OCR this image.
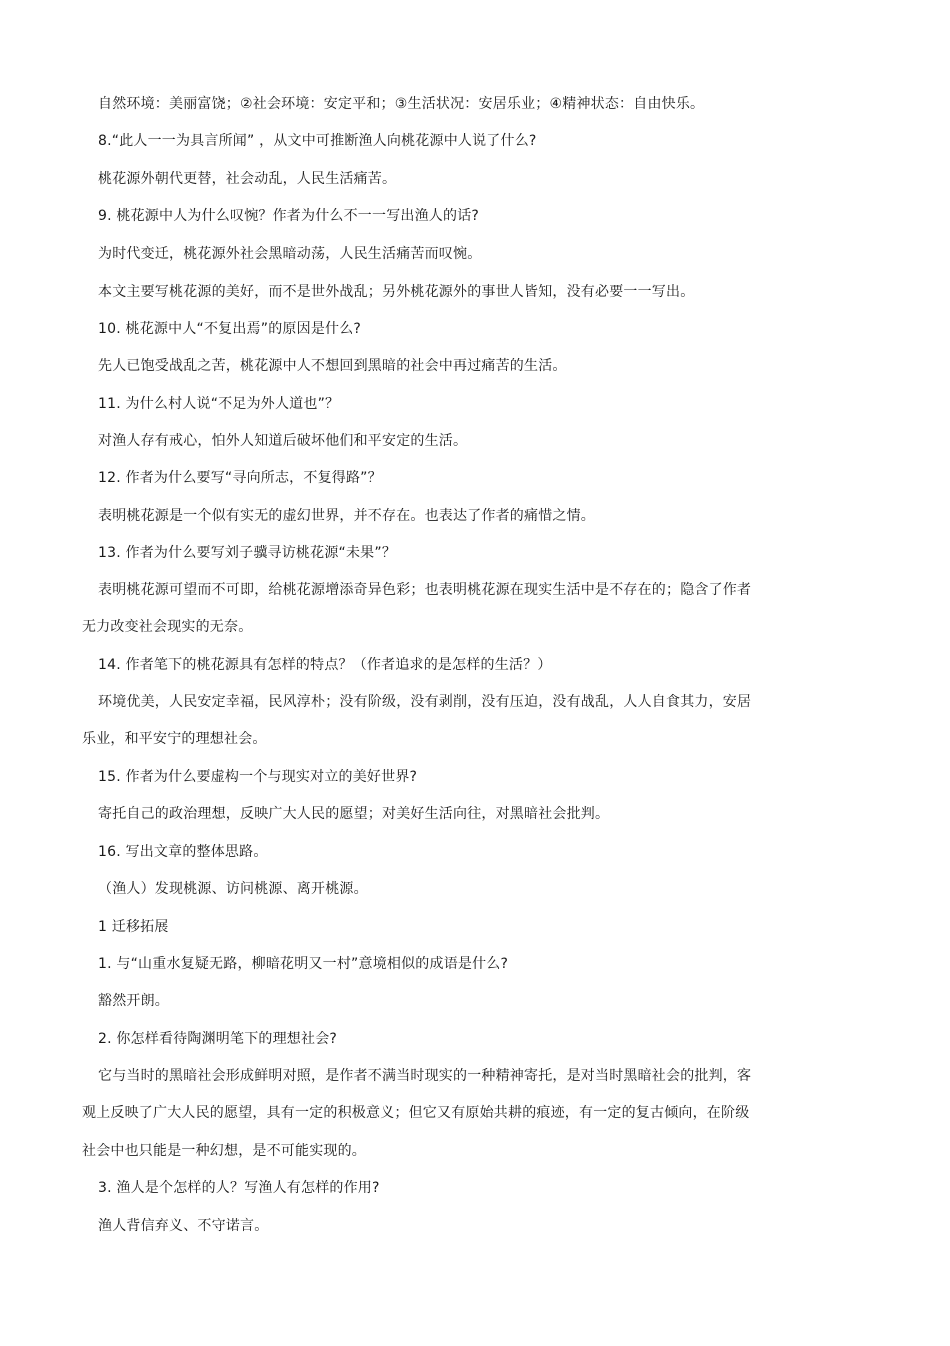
自然环境：美丽富饶；②社会环境：安定平和；③生活状况：安居乐业；④精神状态：自由快乐。

8.“此人一一为具言所闻” ，从文中可推断渔人向桃花源中人说了什么?

桃花源外朝代更替，社会动乱，人民生活痛苦。

9. 桃花源中人为什么叹惋？作者为什么不一一写出渔人的话?

为时代变迁，桃花源外社会黑暗动荡，人民生活痛苦而叹惋。

本文主要写桃花源的美好，而不是世外战乱；另外桃花源外的事世人皆知，没有必要一一写出。

10. 桃花源中人“不复出焉”的原因是什么?

先人已饱受战乱之苦，桃花源中人不想回到黑暗的社会中再过痛苦的生活。

11. 为什么村人说“不足为外人道也”？

对渔人存有戒心，怕外人知道后破坏他们和平安定的生活。

12. 作者为什么要写“寻向所志，不复得路”？

表明桃花源是一个似有实无的虚幻世界，并不存在。也表达了作者的痛惜之情。

13. 作者为什么要写刘子骥寻访桃花源“未果”？

表明桃花源可望而不可即，给桃花源增添奇异色彩；也表明桃花源在现实生活中是不存在的；隐含了作者

无力改变社会现实的无奈。

14. 作者笔下的桃花源具有怎样的特点？（作者追求的是怎样的生活？）

环境优美，人民安定幸福，民风淳朴；没有阶级，没有剥削，没有压迫，没有战乱，人人自食其力，安居

乐业，和平安宁的理想社会。

15. 作者为什么要虚构一个与现实对立的美好世界?

寄托自己的政治理想，反映广大人民的愿望；对美好生活向往，对黑暗社会批判。

16. 写出文章的整体思路。

（渔人）发现桃源、访问桃源、离开桃源。

1 迁移拓展

1. 与“山重水复疑无路，柳暗花明又一村”意境相似的成语是什么?

豁然开朗。

2. 你怎样看待陶渊明笔下的理想社会?

它与当时的黑暗社会形成鲜明对照，是作者不满当时现实的一种精神寄托，是对当时黑暗社会的批判，客

观上反映了广大人民的愿望，具有一定的积极意义；但它又有原始共耕的痕迹，有一定的复古倾向，在阶级

社会中也只能是一种幻想，是不可能实现的。

3. 渔人是个怎样的人？写渔人有怎样的作用?

渔人背信弃义、不守诺言。
